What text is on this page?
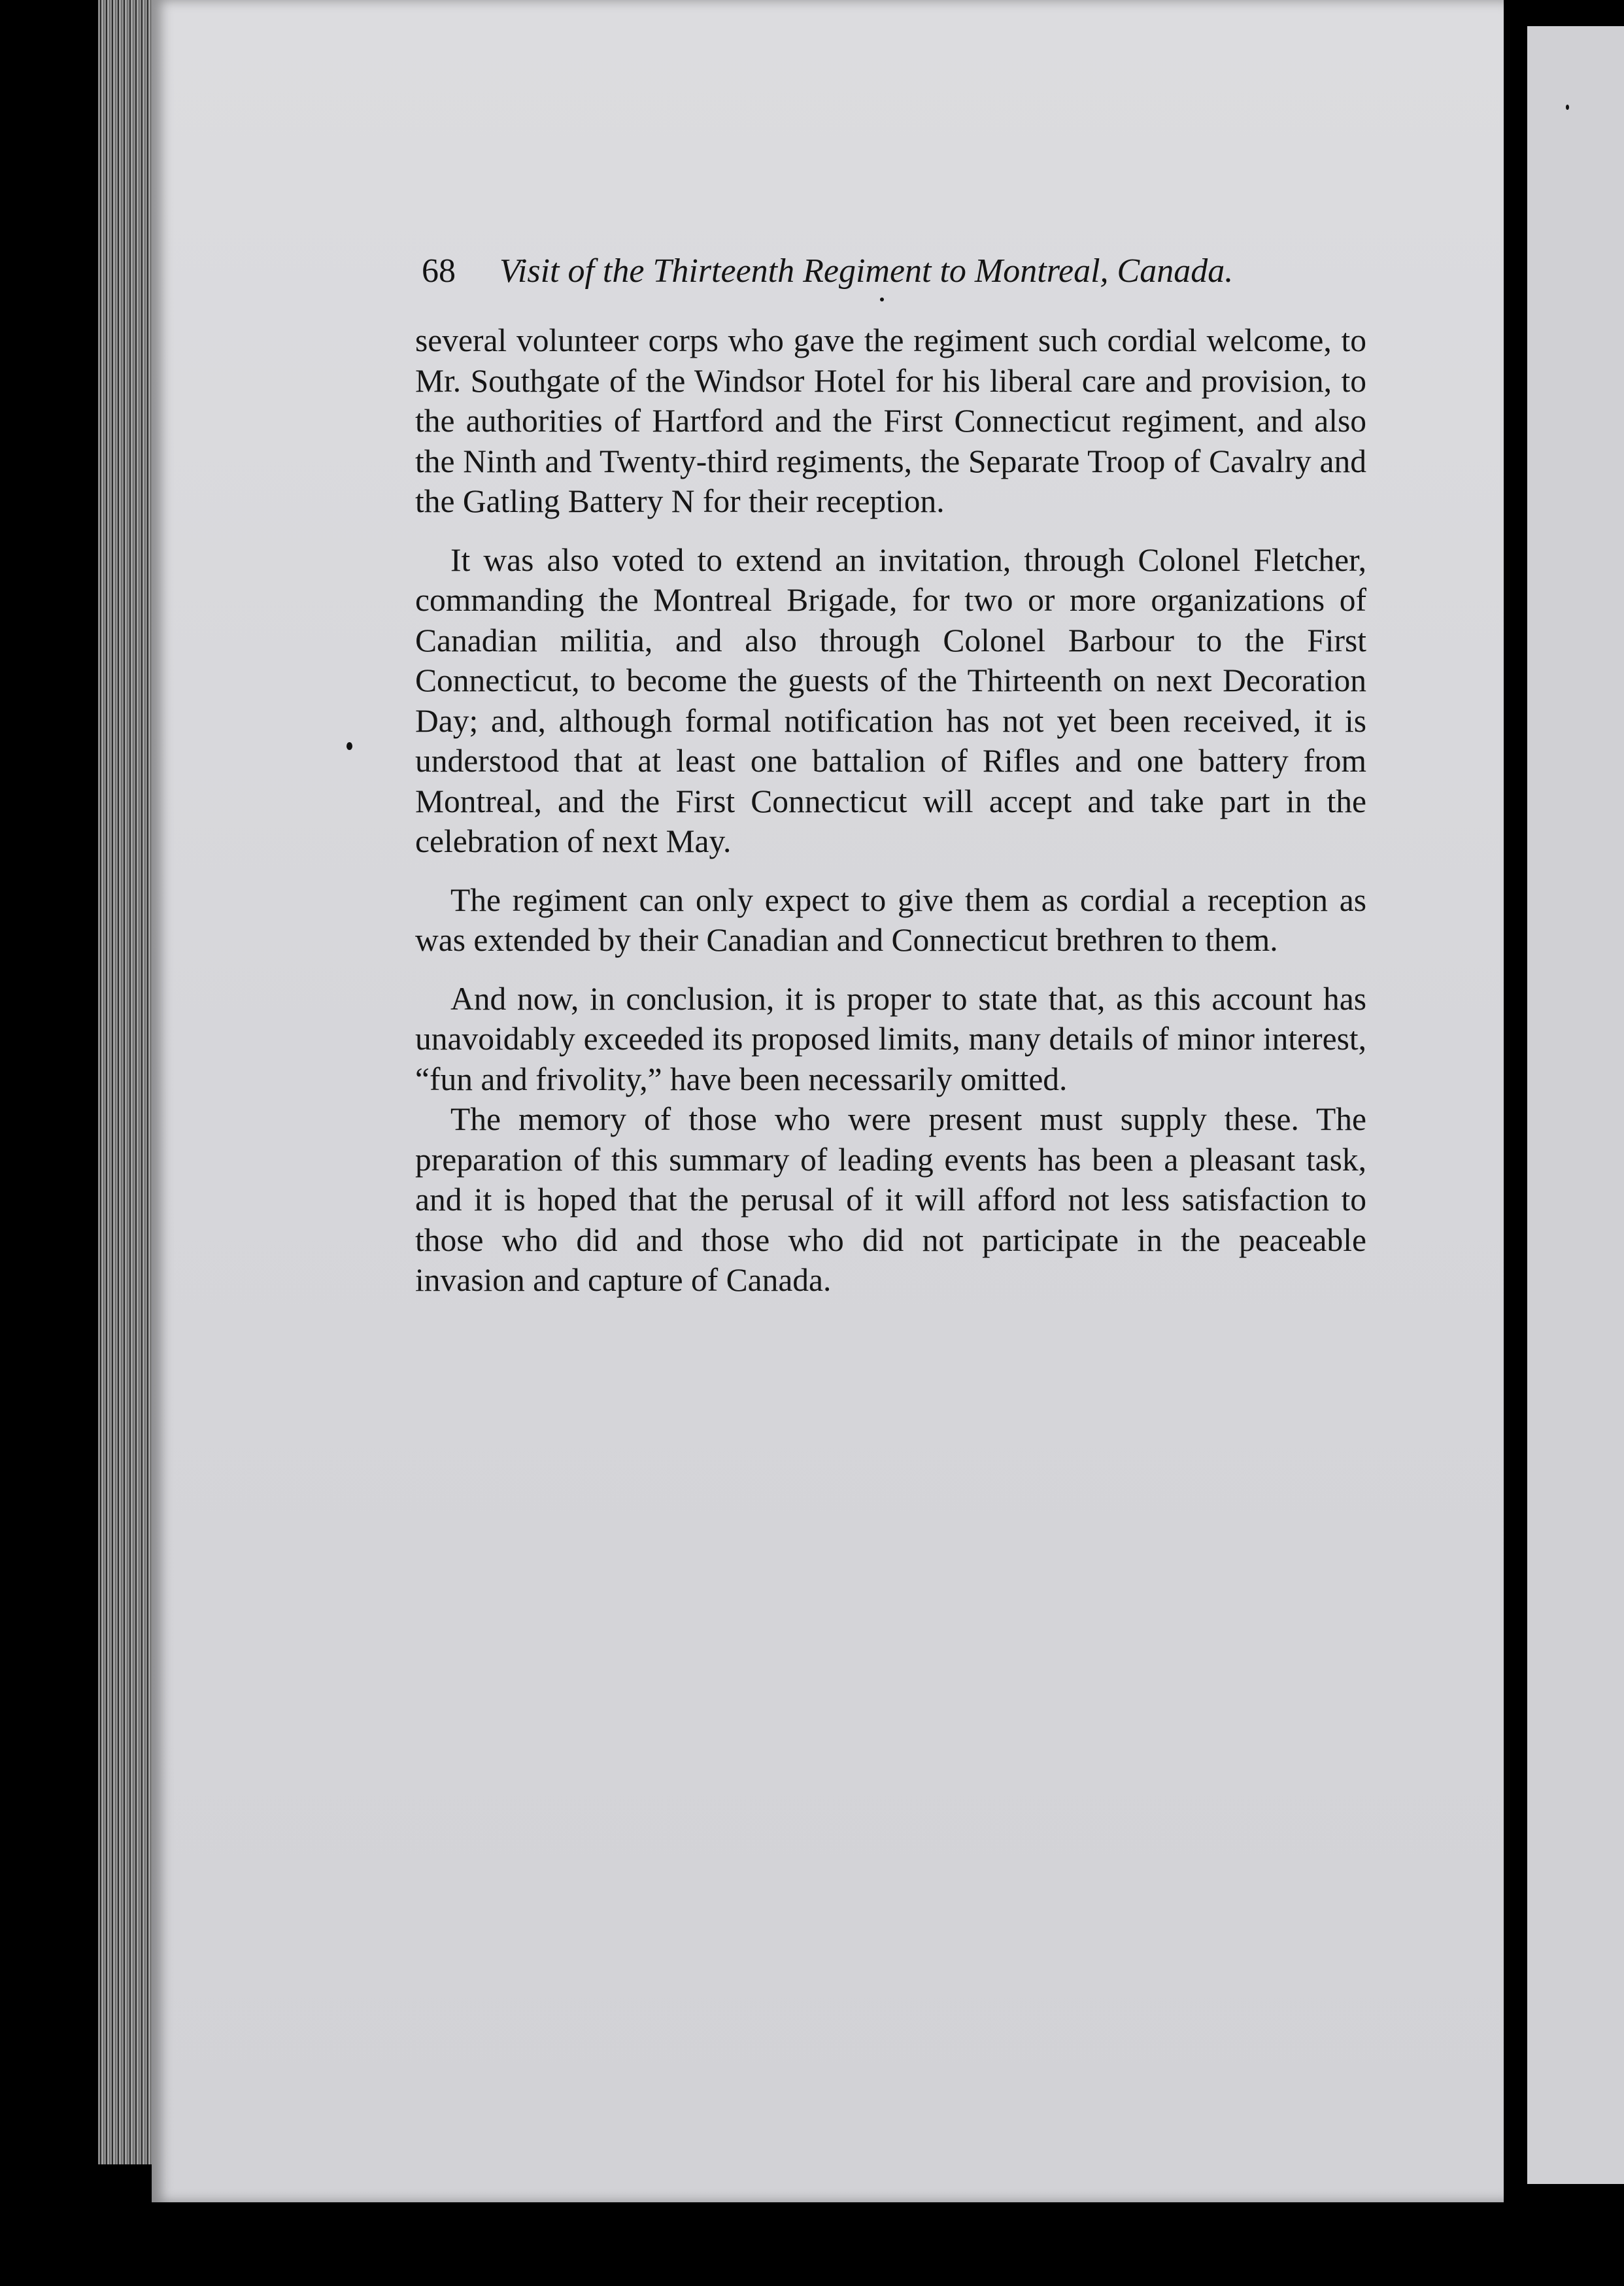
68 Visit of the Thirteenth Regiment to Montreal, Canada.

several volunteer corps who gave the regiment such cordial welcome, to Mr. Southgate of the Windsor Hotel for his liberal care and provision, to the authorities of Hartford and the First Connecticut regiment, and also the Ninth and Twenty-third regiments, the Separate Troop of Cavalry and the Gatling Battery N for their reception.

It was also voted to extend an invitation, through Colonel Fletcher, commanding the Montreal Brigade, for two or more organizations of Canadian militia, and also through Colonel Barbour to the First Connecticut, to become the guests of the Thirteenth on next Decoration Day; and, although formal notification has not yet been received, it is understood that at least one battalion of Rifles and one battery from Montreal, and the First Connecticut will accept and take part in the celebration of next May.

The regiment can only expect to give them as cordial a reception as was extended by their Canadian and Connecticut brethren to them.

And now, in conclusion, it is proper to state that, as this account has unavoidably exceeded its proposed limits, many details of minor interest, “fun and frivolity,” have been necessarily omitted.

The memory of those who were present must supply these. The preparation of this summary of leading events has been a pleasant task, and it is hoped that the perusal of it will afford not less satisfaction to those who did and those who did not participate in the peaceable invasion and capture of Canada.
